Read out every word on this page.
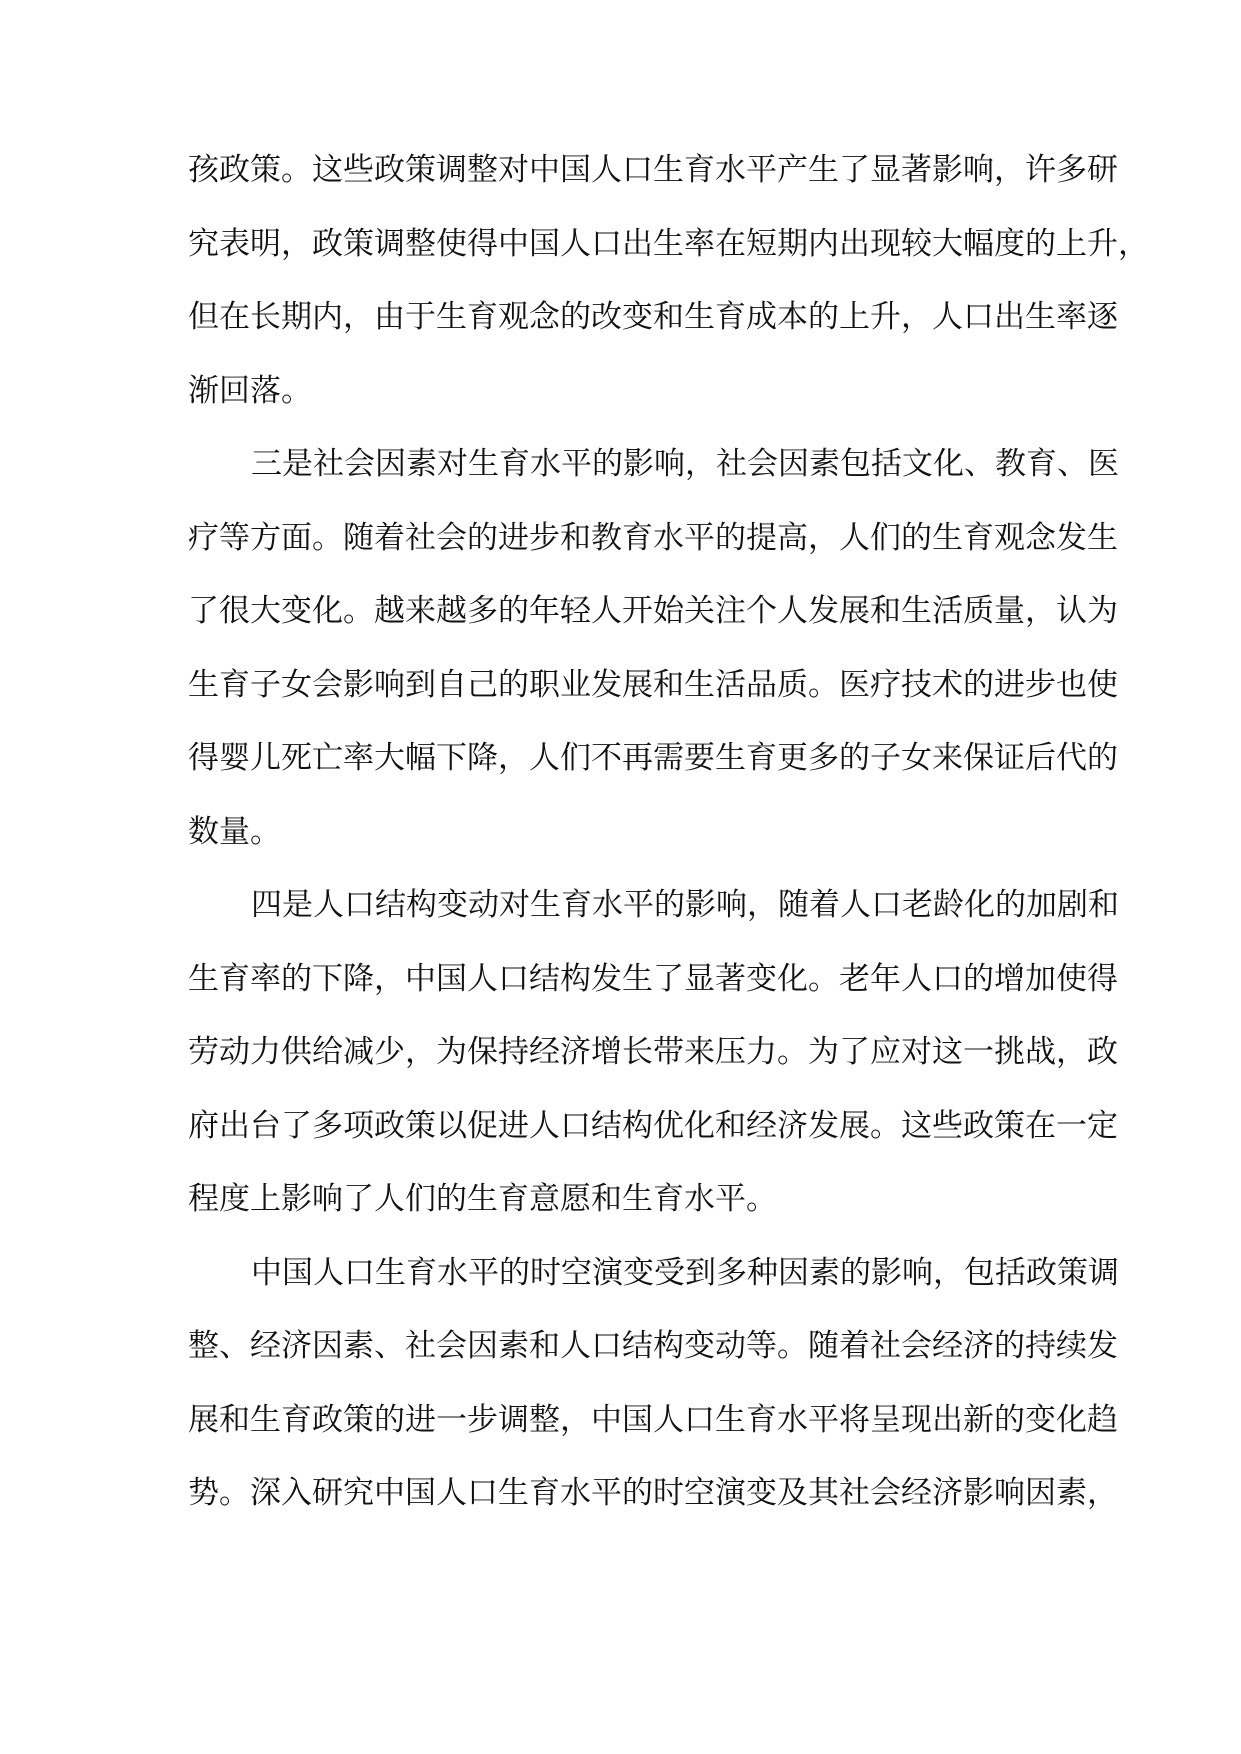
孩政策。这些政策调整对中国人口生育水平产生了显著影响，许多研
究表明，政策调整使得中国人口出生率在短期内出现较大幅度的上升，
但在长期内，由于生育观念的改变和生育成本的上升，人口出生率逐
渐回落。
三是社会因素对生育水平的影响，社会因素包括文化、教育、医
疗等方面。随着社会的进步和教育水平的提高，人们的生育观念发生
了很大变化。越来越多的年轻人开始关注个人发展和生活质量，认为
生育子女会影响到自己的职业发展和生活品质。医疗技术的进步也使
得婴儿死亡率大幅下降，人们不再需要生育更多的子女来保证后代的
数量。
四是人口结构变动对生育水平的影响，随着人口老龄化的加剧和
生育率的下降，中国人口结构发生了显著变化。老年人口的增加使得
劳动力供给减少，为保持经济增长带来压力。为了应对这一挑战，政
府出台了多项政策以促进人口结构优化和经济发展。这些政策在一定
程度上影响了人们的生育意愿和生育水平。
中国人口生育水平的时空演变受到多种因素的影响，包括政策调
整、经济因素、社会因素和人口结构变动等。随着社会经济的持续发
展和生育政策的进一步调整，中国人口生育水平将呈现出新的变化趋
势。深入研究中国人口生育水平的时空演变及其社会经济影响因素，
